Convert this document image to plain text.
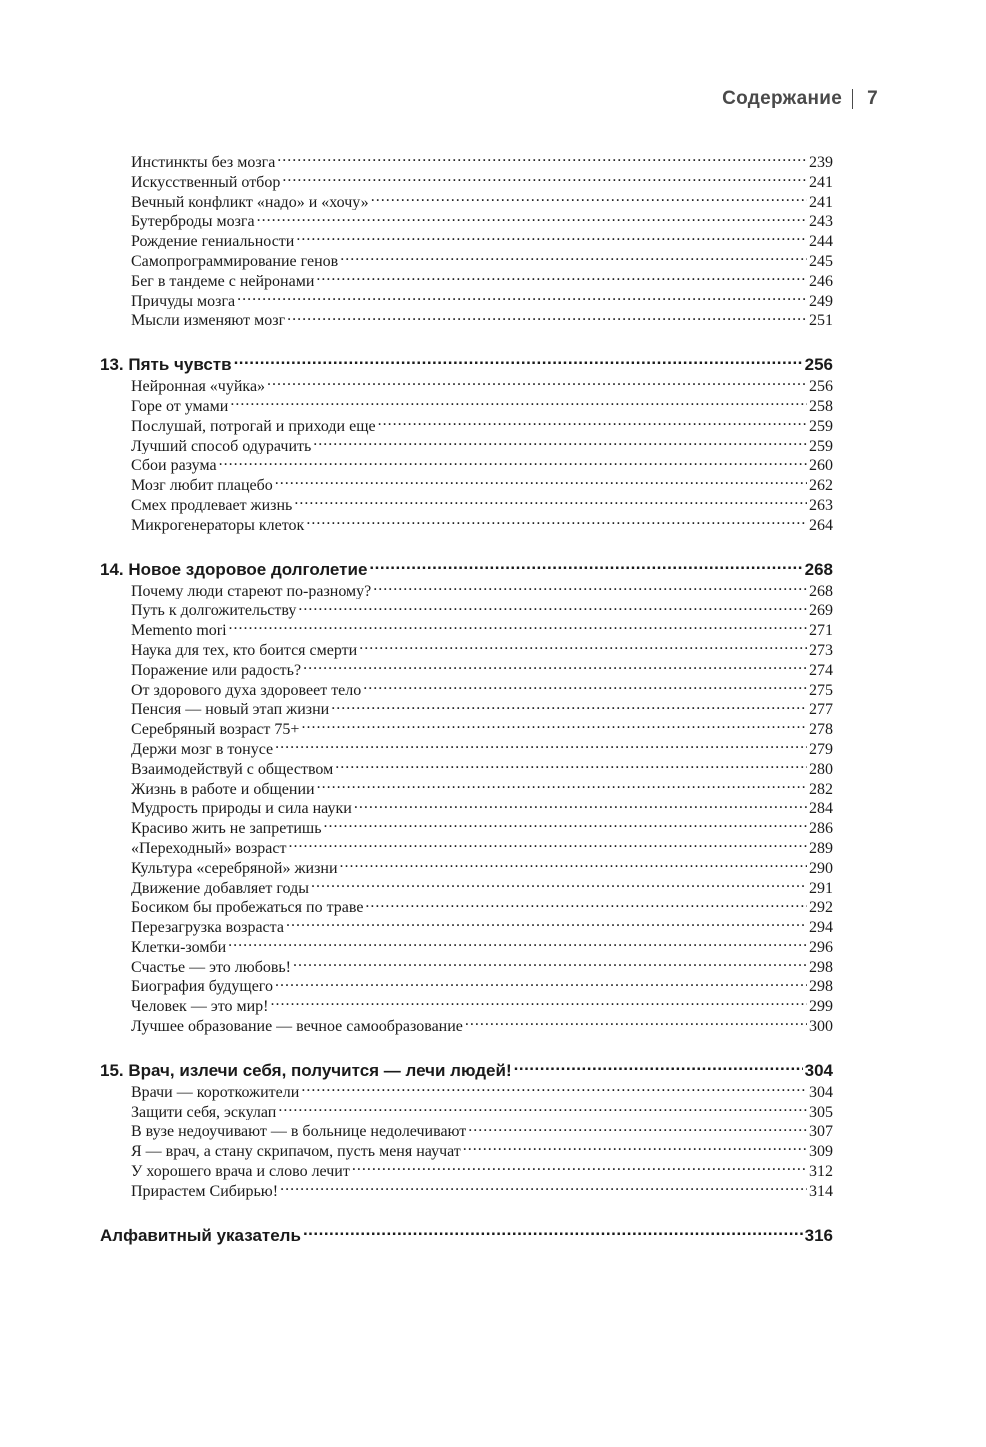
Содержание 7
Инстинкты без мозга .....	239
Искусственный отбор .....	241
Вечный конфликт «надо» и «хочу» .....	241
Бутерброды мозга .....	243
Рождение гениальности .....	244
Самопрограммирование генов .....	245
Бег в тандеме с нейронами .....	246
Причуды мозга .....	249
Мысли изменяют мозг .....	251
13. Пять чувств .....	256
Нейронная «чуйка» .....	256
Горе от умами .....	258
Послушай, потрогай и приходи еще .....	259
Лучший способ одурачить .....	259
Сбои разума .....	260
Мозг любит плацебо .....	262
Смех продлевает жизнь .....	263
Микрогенераторы клеток .....	264
14. Новое здоровое долголетие .....	268
Почему люди стареют по-разному? .....	268
Путь к долгожительству .....	269
Memento mori .....	271
Наука для тех, кто боится смерти .....	273
Поражение или радость? .....	274
От здорового духа здоровеет тело .....	275
Пенсия — новый этап жизни .....	277
Серебряный возраст 75+ .....	278
Держи мозг в тонусе .....	279
Взаимодействуй с обществом .....	280
Жизнь в работе и общении .....	282
Мудрость природы и сила науки .....	284
Красиво жить не запретишь .....	286
«Переходный» возраст .....	289
Культура «серебряной» жизни .....	290
Движение добавляет годы .....	291
Босиком бы пробежаться по траве .....	292
Перезагрузка возраста .....	294
Клетки-зомби .....	296
Счастье — это любовь! .....	298
Биография будущего .....	298
Человек — это мир! .....	299
Лучшее образование — вечное самообразование .....	300
15. Врач, излечи себя, получится — лечи людей! .....	304
Врачи — короткожители .....	304
Защити себя, эскулап .....	305
В вузе недоучивают — в больнице недолечивают .....	307
Я — врач, а стану скрипачом, пусть меня научат .....	309
У хорошего врача и слово лечит .....	312
Прирастем Сибирью! .....	314
Алфавитный указатель .....	316
